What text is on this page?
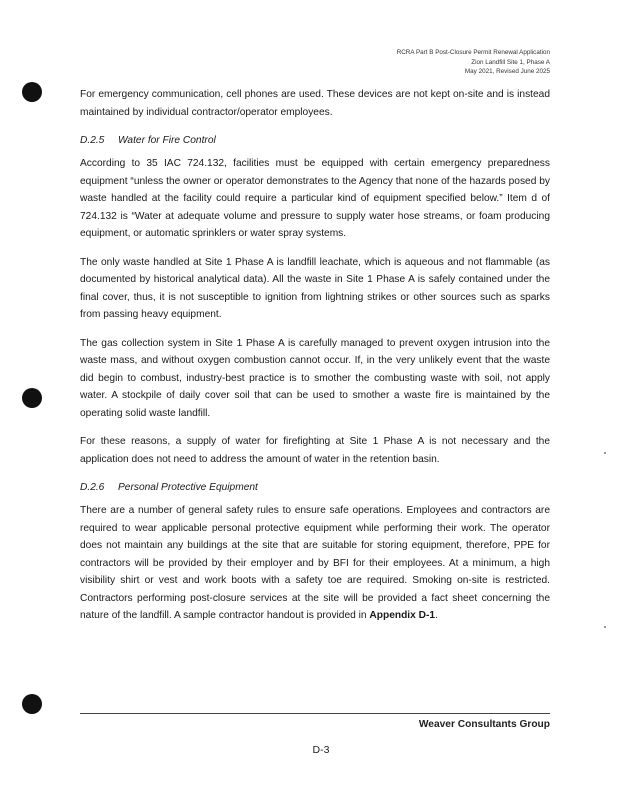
RCRA Part B Post-Closure Permit Renewal Application
Zion Landfill Site 1, Phase A
May 2021, Revised June 2025

For emergency communication, cell phones are used. These devices are not kept on-site and is instead maintained by individual contractor/operator employees.

D.2.5 Water for Fire Control

According to 35 IAC 724.132, facilities must be equipped with certain emergency preparedness equipment “unless the owner or operator demonstrates to the Agency that none of the hazards posed by waste handled at the facility could require a particular kind of equipment specified below.” Item d of 724.132 is “Water at adequate volume and pressure to supply water hose streams, or foam producing equipment, or automatic sprinklers or water spray systems.

The only waste handled at Site 1 Phase A is landfill leachate, which is aqueous and not flammable (as documented by historical analytical data). All the waste in Site 1 Phase A is safely contained under the final cover, thus, it is not susceptible to ignition from lightning strikes or other sources such as sparks from passing heavy equipment.

The gas collection system in Site 1 Phase A is carefully managed to prevent oxygen intrusion into the waste mass, and without oxygen combustion cannot occur. If, in the very unlikely event that the waste did begin to combust, industry-best practice is to smother the combusting waste with soil, not apply water. A stockpile of daily cover soil that can be used to smother a waste fire is maintained by the operating solid waste landfill.

For these reasons, a supply of water for firefighting at Site 1 Phase A is not necessary and the application does not need to address the amount of water in the retention basin.

D.2.6 Personal Protective Equipment

There are a number of general safety rules to ensure safe operations. Employees and contractors are required to wear applicable personal protective equipment while performing their work. The operator does not maintain any buildings at the site that are suitable for storing equipment, therefore, PPE for contractors will be provided by their employer and by BFI for their employees. At a minimum, a high visibility shirt or vest and work boots with a safety toe are required. Smoking on-site is restricted. Contractors performing post-closure services at the site will be provided a fact sheet concerning the nature of the landfill. A sample contractor handout is provided in Appendix D-1.

Weaver Consultants Group
D-3
